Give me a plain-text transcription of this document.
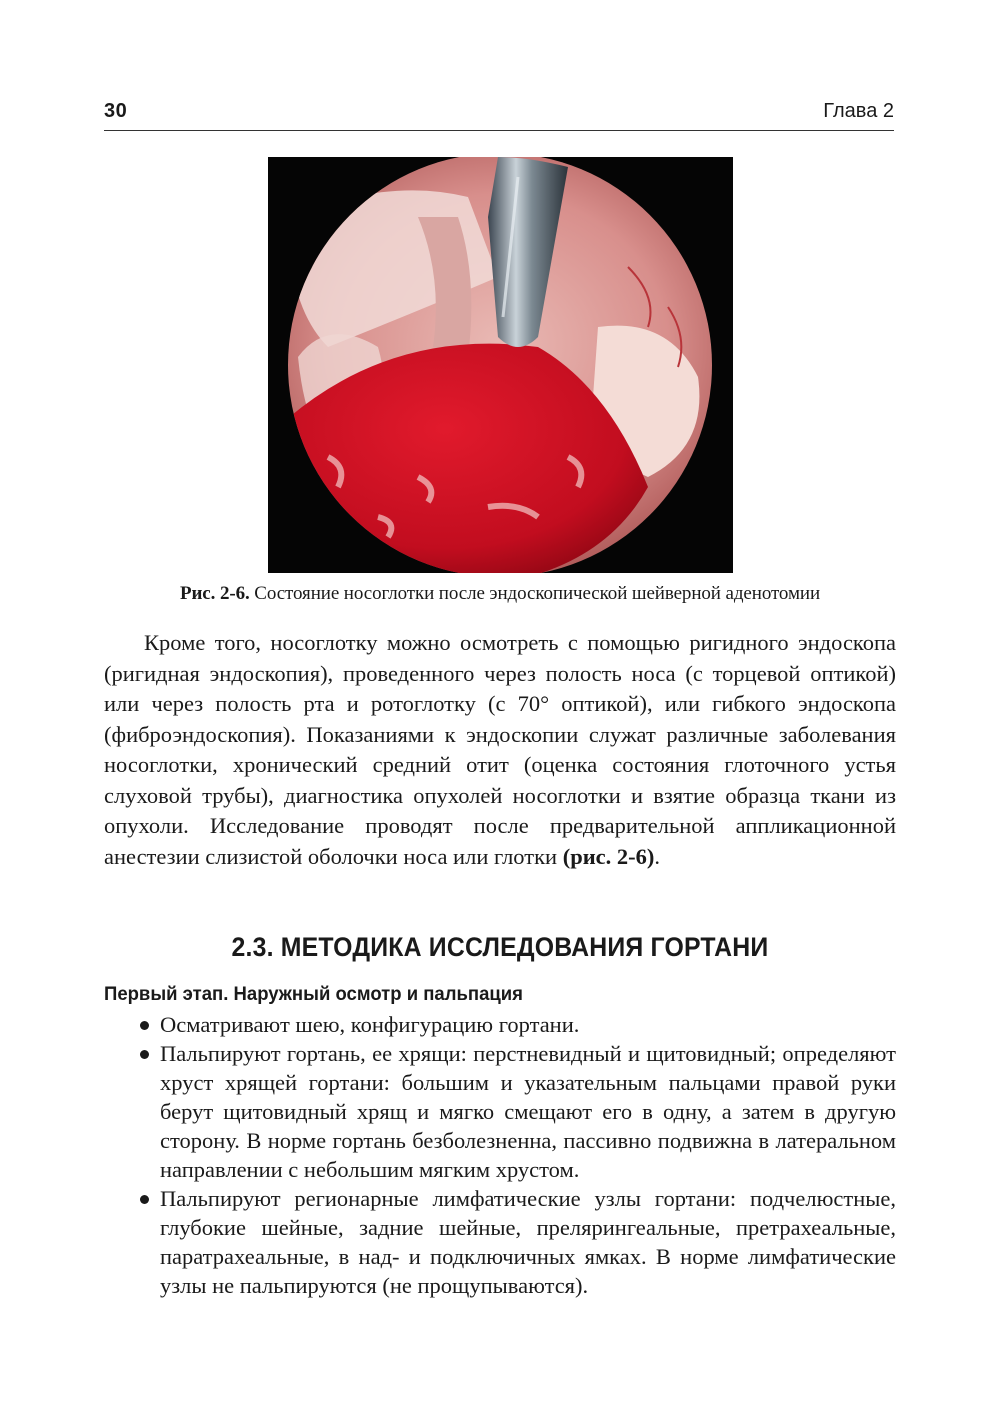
30	Глава 2
Рис. 2-6. Состояние носоглотки после эндоскопической шейверной аденотомии

Кроме того, носоглотку можно осмотреть с помощью ригидного эндоскопа (ригидная эндоскопия), проведенного через полость носа (с торцевой оптикой) или через полость рта и ротоглотку (с 70° оптикой), или гибкого эндоскопа (фиброэндоскопия). Показаниями к эндоскопии служат различные заболевания носоглотки, хронический средний отит (оценка состояния глоточного устья слуховой трубы), диагностика опухолей носоглотки и взятие образца ткани из опухоли. Исследование проводят после предварительной аппликационной анестезии слизистой оболочки носа или глотки (рис. 2-6).

2.3. МЕТОДИКА ИССЛЕДОВАНИЯ ГОРТАНИ
Первый этап. Наружный осмотр и пальпация
Осматривают шею, конфигурацию гортани.
Пальпируют гортань, ее хрящи: перстневидный и щитовидный; определяют хруст хрящей гортани: большим и указательным пальцами правой руки берут щитовидный хрящ и мягко смещают его в одну, а затем в другую сторону. В норме гортань безболезненна, пассивно подвижна в латеральном направлении с небольшим мягким хрустом.
Пальпируют регионарные лимфатические узлы гортани: подчелюстные, глубокие шейные, задние шейные, прелярингеальные, претрахеальные, паратрахеальные, в над- и подключичных ямках. В норме лимфатические узлы не пальпируются (не прощупываются).
